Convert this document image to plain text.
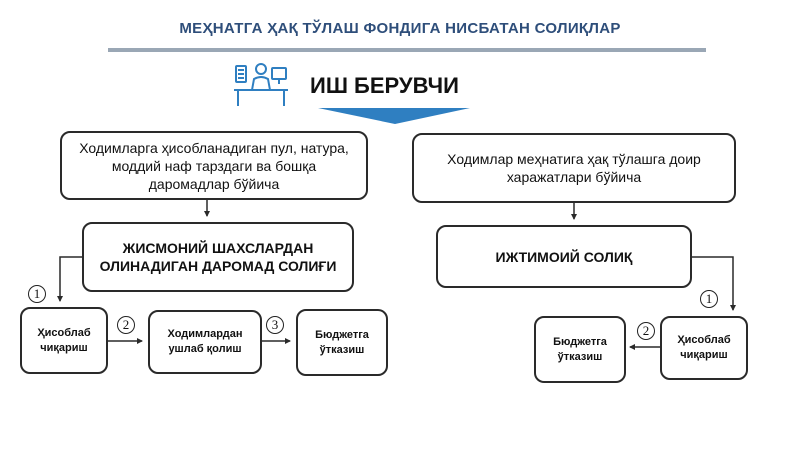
МЕҲНАТГА ҲАҚ ТЎЛАШ ФОНДИГА НИСБАТАН СОЛИҚЛАР
ИШ БЕРУВЧИ
Ходимларга ҳисобланадиган пул, натура, моддий наф тарздаги ва бошқа даромадлар бўйича
ЖИСМОНИЙ ШАХСЛАРДАН ОЛИНАДИГАН ДАРОМАД СОЛИҒИ
1
Ҳисоблаб чиқариш
2
Ходимлардан ушлаб қолиш
3
Бюджетга ўтказиш
Ходимлар меҳнатига ҳақ тўлашга доир харажатлари бўйича
ИЖТИМОИЙ СОЛИҚ
1
Ҳисоблаб чиқариш
2
Бюджетга ўтказиш
